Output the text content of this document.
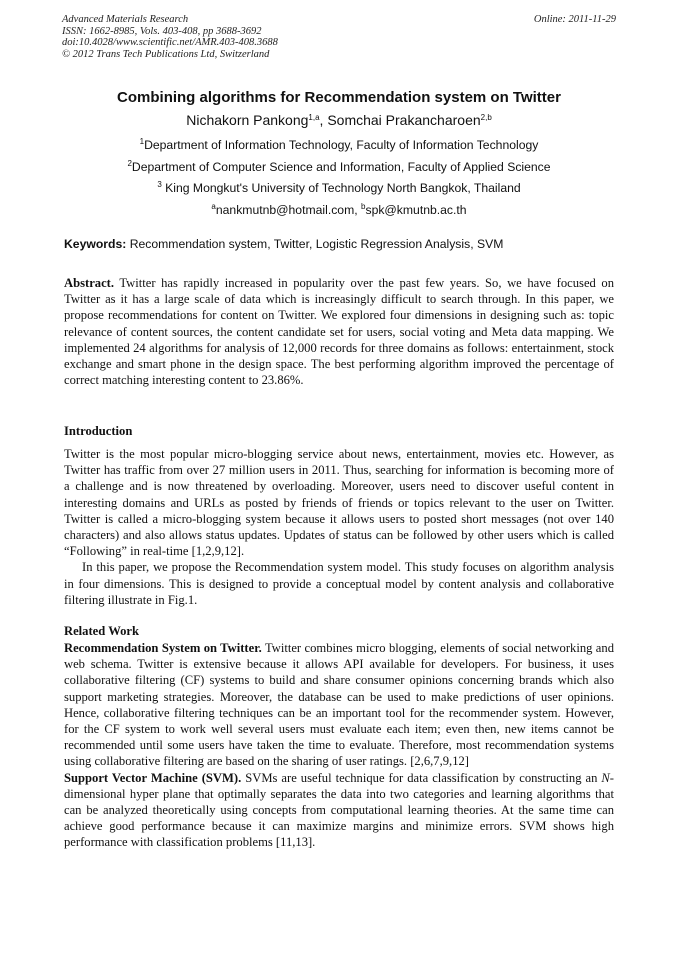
Advanced Materials Research
ISSN: 1662-8985, Vols. 403-408, pp 3688-3692
doi:10.4028/www.scientific.net/AMR.403-408.3688
© 2012 Trans Tech Publications Ltd, Switzerland
Online: 2011-11-29
Combining algorithms for Recommendation system on Twitter
Nichakorn Pankong$^{1,a}$, Somchai Prakancharoen$^{2,b}$
$^1$Department of Information Technology, Faculty of Information Technology
$^2$Department of Computer Science and Information, Faculty of Applied Science
$^3$ King Mongkut's University of Technology North Bangkok, Thailand
$^a$nankmutnb@hotmail.com, $^b$spk@kmutnb.ac.th
Keywords: Recommendation system, Twitter, Logistic Regression Analysis, SVM

Abstract. Twitter has rapidly increased in popularity over the past few years. So, we have focused on Twitter as it has a large scale of data which is increasingly difficult to search through. In this paper, we propose recommendations for content on Twitter. We explored four dimensions in designing such as: topic relevance of content sources, the content candidate set for users, social voting and Meta data mapping. We implemented 24 algorithms for analysis of 12,000 records for three domains as follows: entertainment, stock exchange and smart phone in the design space. The best performing algorithm improved the percentage of correct matching interesting content to 23.86%.

Introduction

Twitter is the most popular micro-blogging service about news, entertainment, movies etc. However, as Twitter has traffic from over 27 million users in 2011. Thus, searching for information is becoming more of a challenge and is now threatened by overloading. Moreover, users need to discover useful content in interesting domains and URLs as posted by friends of friends or topics relevant to the user on Twitter. Twitter is called a micro-blogging system because it allows users to posted short messages (not over 140 characters) and also allows status updates. Updates of status can be followed by other users which is called “Following” in real-time [1,2,9,12].

In this paper, we propose the Recommendation system model. This study focuses on algorithm analysis in four dimensions. This is designed to provide a conceptual model by content analysis and collaborative filtering illustrate in Fig.1.

Related Work

Recommendation System on Twitter. Twitter combines micro blogging, elements of social networking and web schema. Twitter is extensive because it allows API available for developers. For business, it uses collaborative filtering (CF) systems to build and share consumer opinions concerning brands which also support marketing strategies. Moreover, the database can be used to make predictions of user opinions. Hence, collaborative filtering techniques can be an important tool for the recommender system. However, for the CF system to work well several users must evaluate each item; even then, new items cannot be recommended until some users have taken the time to evaluate. Therefore, most recommendation systems using collaborative filtering are based on the sharing of user ratings. [2,6,7,9,12]

Support Vector Machine (SVM). SVMs are useful technique for data classification by constructing an N-dimensional hyper plane that optimally separates the data into two categories and learning algorithms that can be analyzed theoretically using concepts from computational learning theories. At the same time can achieve good performance because it can maximize margins and minimize errors. SVM shows high performance with classification problems [11,13].
